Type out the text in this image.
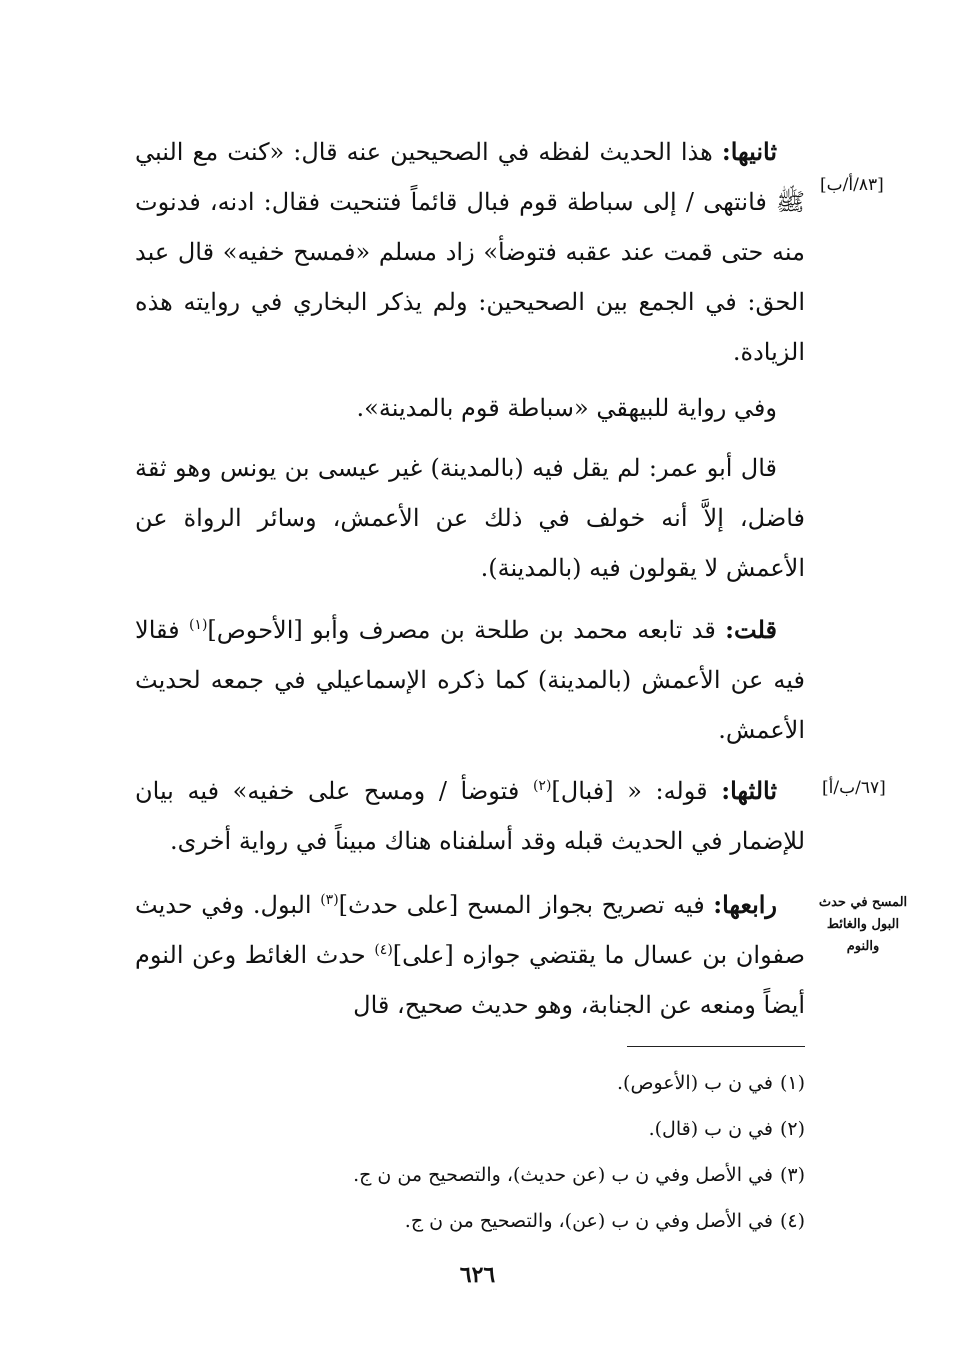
ثانيها: هذا الحديث لفظه في الصحيحين عنه قال: «كنت مع النبي ﷺ فانتهى / إلى سباطة قوم فبال قائماً فتنحيت فقال: ادنه، فدنوت منه حتى قمت عند عقبه فتوضأ» زاد مسلم «فمسح خفيه» قال عبد الحق: في الجمع بين الصحيحين: ولم يذكر البخاري في روايته هذه الزيادة.

[٨٣/أ/ب]

وفي رواية للبيهقي «سباطة قوم بالمدينة».

قال أبو عمر: لم يقل فيه (بالمدينة) غير عيسى بن يونس وهو ثقة فاضل، إلاَّ أنه خولف في ذلك عن الأعمش، وسائر الرواة عن الأعمش لا يقولون فيه (بالمدينة).

قلت: قد تابعه محمد بن طلحة بن مصرف وأبو [الأحوص]$^{(١)}$ فقالا فيه عن الأعمش (بالمدينة) كما ذكره الإسماعيلي في جمعه لحديث الأعمش.

ثالثها: قوله: « [فبال]$^{(٢)}$ فتوضأ / ومسح على خفيه» فيه بيان للإضمار في الحديث قبله وقد أسلفناه هناك مبيناً في رواية أخرى.

[٦٧/ب/أ]

رابعها: فيه تصريح بجواز المسح [على حدث]$^{(٣)}$ البول. وفي حديث صفوان بن عسال ما يقتضي جوازه [على]$^{(٤)}$ حدث الغائط وعن النوم أيضاً ومنعه عن الجنابة، وهو حديث صحيح، قال

المسح في حدث البول والغائط والنوم
(١)في ن ب (الأعوص).
(٢)في ن ب (قال).
(٣)في الأصل وفي ن ب (عن حديث)، والتصحيح من ن ج.
(٤)في الأصل وفي ن ب (عن)، والتصحيح من ن ج.
٦٢٦
